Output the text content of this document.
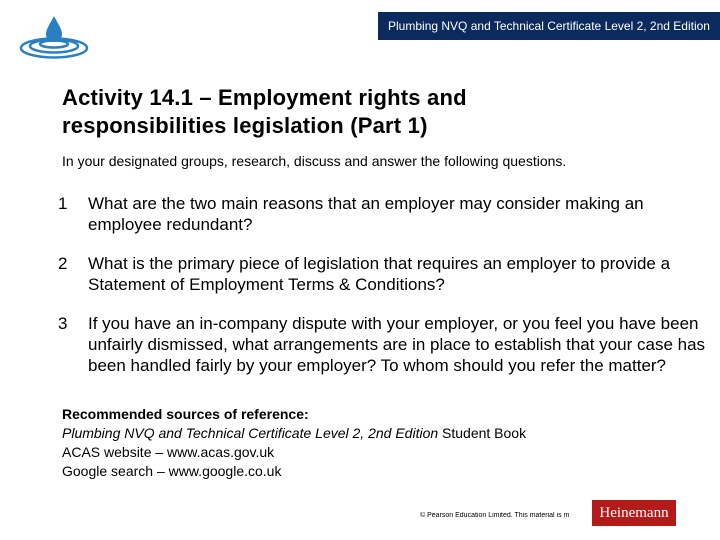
Plumbing NVQ and Technical Certificate Level 2, 2nd Edition
Activity 14.1 – Employment rights and
responsibilities legislation (Part 1)
In your designated groups, research, discuss and answer the following questions.
1 What are the two main reasons that an employer may consider making an employee redundant?
2 What is the primary piece of legislation that requires an employer to provide a Statement of Employment Terms & Conditions?
3 If you have an in-company dispute with your employer, or you feel you have been unfairly dismissed, what arrangements are in place to establish that your case has been handled fairly by your employer? To whom should you refer the matter?
Recommended sources of reference:
Plumbing NVQ and Technical Certificate Level 2, 2nd Edition Student Book
ACAS website – www.acas.gov.uk
Google search – www.google.co.uk
© Pearson Education Limited. This material is m	Heinemann
